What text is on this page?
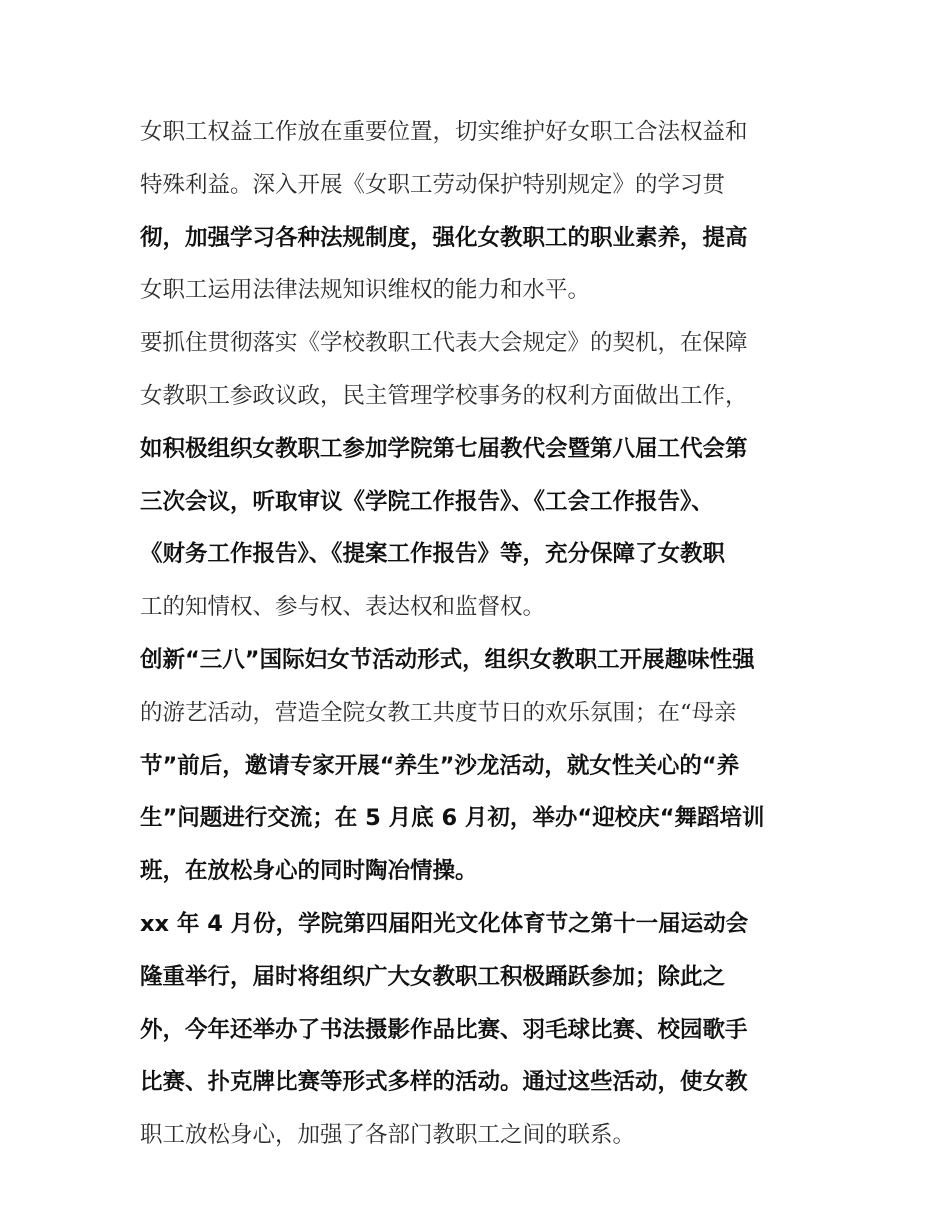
女职工权益工作放在重要位置，切实维护好女职工合法权益和
特殊利益。深入开展《女职工劳动保护特别规定》的学习贯
彻，加强学习各种法规制度，强化女教职工的职业素养，提高
女职工运用法律法规知识维权的能力和水平。
要抓住贯彻落实《学校教职工代表大会规定》的契机，在保障
女教职工参政议政，民主管理学校事务的权利方面做出工作，
如积极组织女教职工参加学院第七届教代会暨第八届工代会第
三次会议，听取审议《学院工作报告》、《工会工作报告》、
《财务工作报告》、《提案工作报告》等，充分保障了女教职
工的知情权、参与权、表达权和监督权。
创新“三八”国际妇女节活动形式，组织女教职工开展趣味性强
的游艺活动，营造全院女教工共度节日的欢乐氛围；在“母亲
节”前后，邀请专家开展“养生”沙龙活动，就女性关心的“养
生”问题进行交流；在 5 月底 6 月初，举办“迎校庆“舞蹈培训
班，在放松身心的同时陶冶情操。
xx 年 4 月份，学院第四届阳光文化体育节之第十一届运动会
隆重举行，届时将组织广大女教职工积极踊跃参加；除此之
外，今年还举办了书法摄影作品比赛、羽毛球比赛、校园歌手
比赛、扑克牌比赛等形式多样的活动。通过这些活动，使女教
职工放松身心，加强了各部门教职工之间的联系。
